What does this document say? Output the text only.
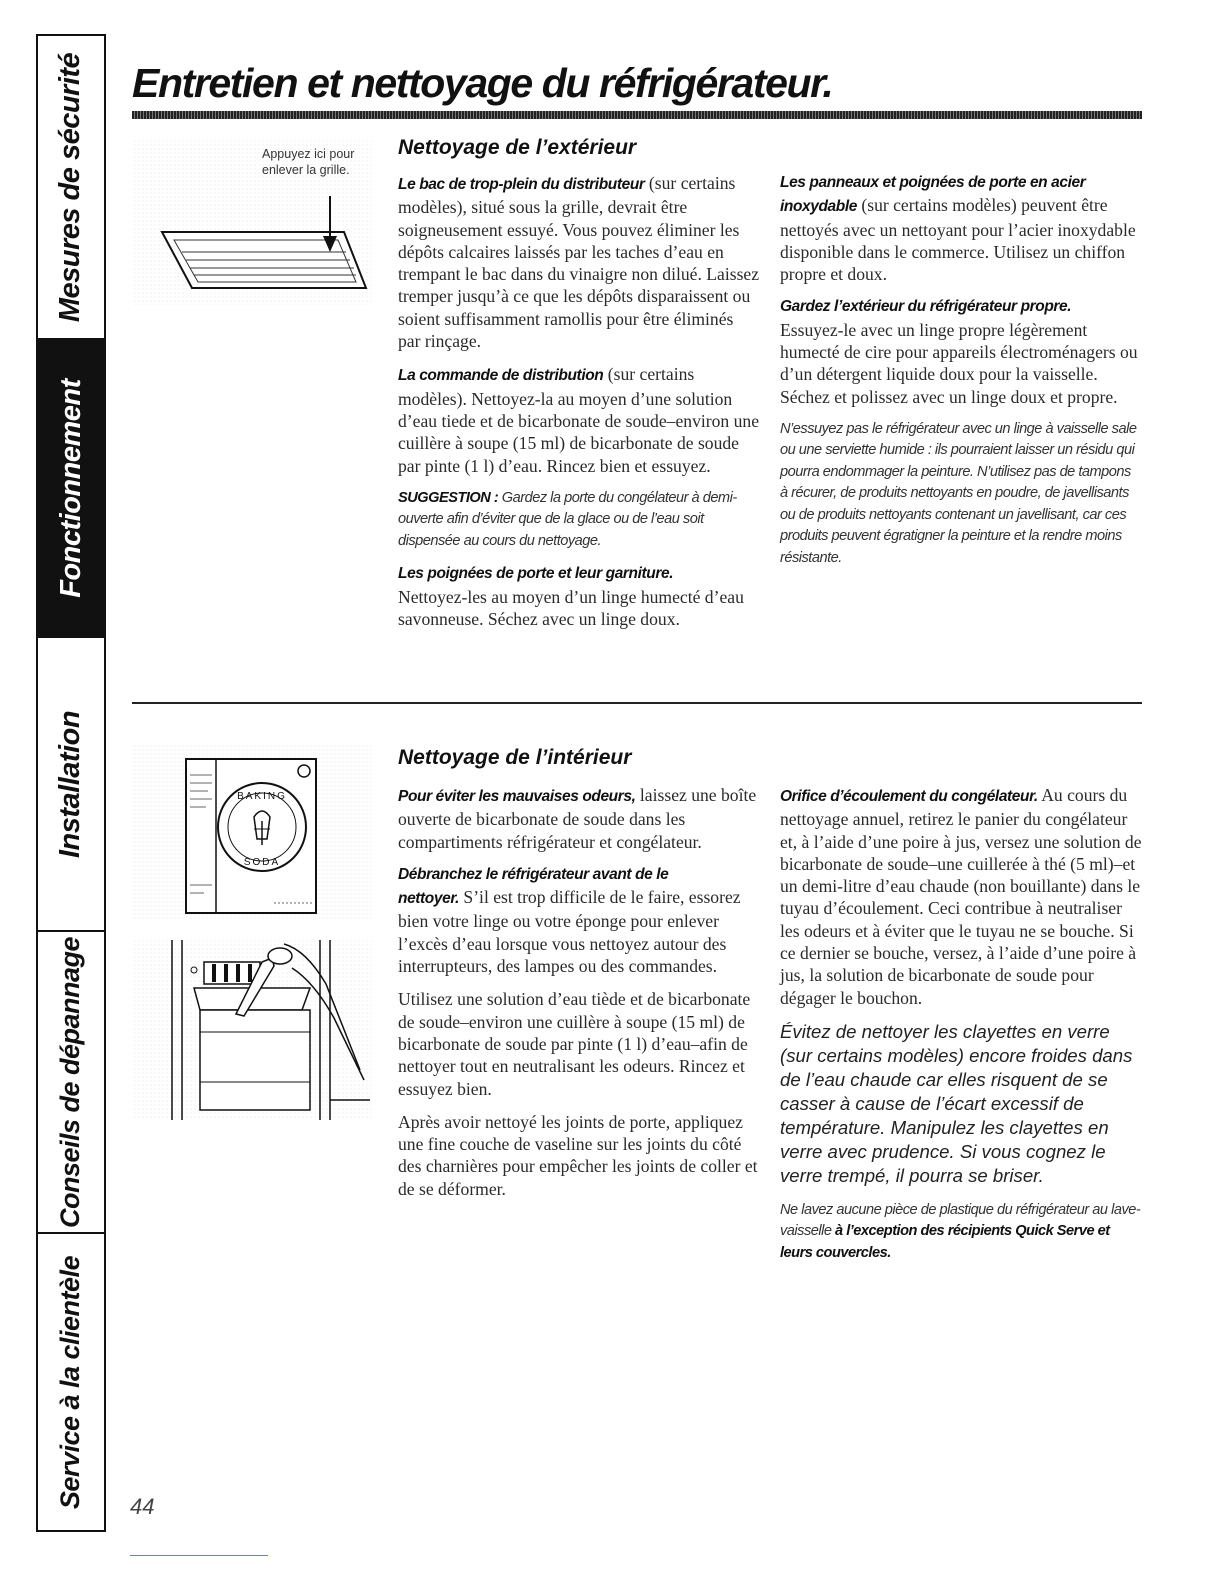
Mesures de sécurité
Fonctionnement
Installation
Conseils de dépannage
Service à la clientèle
Entretien et nettoyage du réfrigérateur.
Appuyez ici pour
enlever la grille.
Nettoyage de l’extérieur

Le bac de trop-plein du distributeur (sur certains modèles), situé sous la grille, devrait être soigneusement essuyé. Vous pouvez éliminer les dépôts calcaires laissés par les taches d’eau en trempant le bac dans du vinaigre non dilué. Laissez tremper jusqu’à ce que les dépôts disparaissent ou soient suffisamment ramollis pour être éliminés par rinçage.

La commande de distribution (sur certains modèles). Nettoyez-la au moyen d’une solution d’eau tiede et de bicarbonate de soude–environ une cuillère à soupe (15 ml) de bicarbonate de soude par pinte (1 l) d’eau. Rincez bien et essuyez.

SUGGESTION : Gardez la porte du congélateur à demi-ouverte afin d’éviter que de la glace ou de l’eau soit dispensée au cours du nettoyage.

Les poignées de porte et leur garniture.
Nettoyez-les au moyen d’un linge humecté d’eau savonneuse. Séchez avec un linge doux.

Les panneaux et poignées de porte en acier
inoxydable (sur certains modèles) peuvent être nettoyés avec un nettoyant pour l’acier inoxydable disponible dans le commerce. Utilisez un chiffon propre et doux.

Gardez l’extérieur du réfrigérateur propre.
Essuyez-le avec un linge propre légèrement humecté de cire pour appareils électroménagers ou d’un détergent liquide doux pour la vaisselle. Séchez et polissez avec un linge doux et propre.

N’essuyez pas le réfrigérateur avec un linge à vaisselle sale ou une serviette humide : ils pourraient laisser un résidu qui pourra endommager la peinture. N’utilisez pas de tampons à récurer, de produits nettoyants en poudre, de javellisants ou de produits nettoyants contenant un javellisant, car ces produits peuvent égratigner la peinture et la rendre moins résistante.

BAKING
SODA
Nettoyage de l’intérieur

Pour éviter les mauvaises odeurs, laissez une boîte ouverte de bicarbonate de soude dans les compartiments réfrigérateur et congélateur.

Débranchez le réfrigérateur avant de le
nettoyer. S’il est trop difficile de le faire, essorez bien votre linge ou votre éponge pour enlever l’excès d’eau lorsque vous nettoyez autour des interrupteurs, des lampes ou des commandes.

Utilisez une solution d’eau tiède et de bicarbonate de soude–environ une cuillère à soupe (15 ml) de bicarbonate de soude par pinte (1 l) d’eau–afin de nettoyer tout en neutralisant les odeurs. Rincez et essuyez bien.

Après avoir nettoyé les joints de porte, appliquez une fine couche de vaseline sur les joints du côté des charnières pour empêcher les joints de coller et de se déformer.

Orifice d’écoulement du congélateur. Au cours du nettoyage annuel, retirez le panier du congélateur et, à l’aide d’une poire à jus, versez une solution de bicarbonate de soude–une cuillerée à thé (5 ml)–et un demi-litre d’eau chaude (non bouillante) dans le tuyau d’écoulement. Ceci contribue à neutraliser les odeurs et à éviter que le tuyau ne se bouche. Si ce dernier se bouche, versez, à l’aide d’une poire à jus, la solution de bicarbonate de soude pour dégager le bouchon.

Évitez de nettoyer les clayettes en verre (sur certains modèles) encore froides dans de l’eau chaude car elles risquent de se casser à cause de l’écart excessif de température. Manipulez les clayettes en verre avec prudence. Si vous cognez le verre trempé, il pourra se briser.

Ne lavez aucune pièce de plastique du réfrigérateur au lave-vaisselle à l’exception des récipients Quick Serve et leurs couvercles.

44
